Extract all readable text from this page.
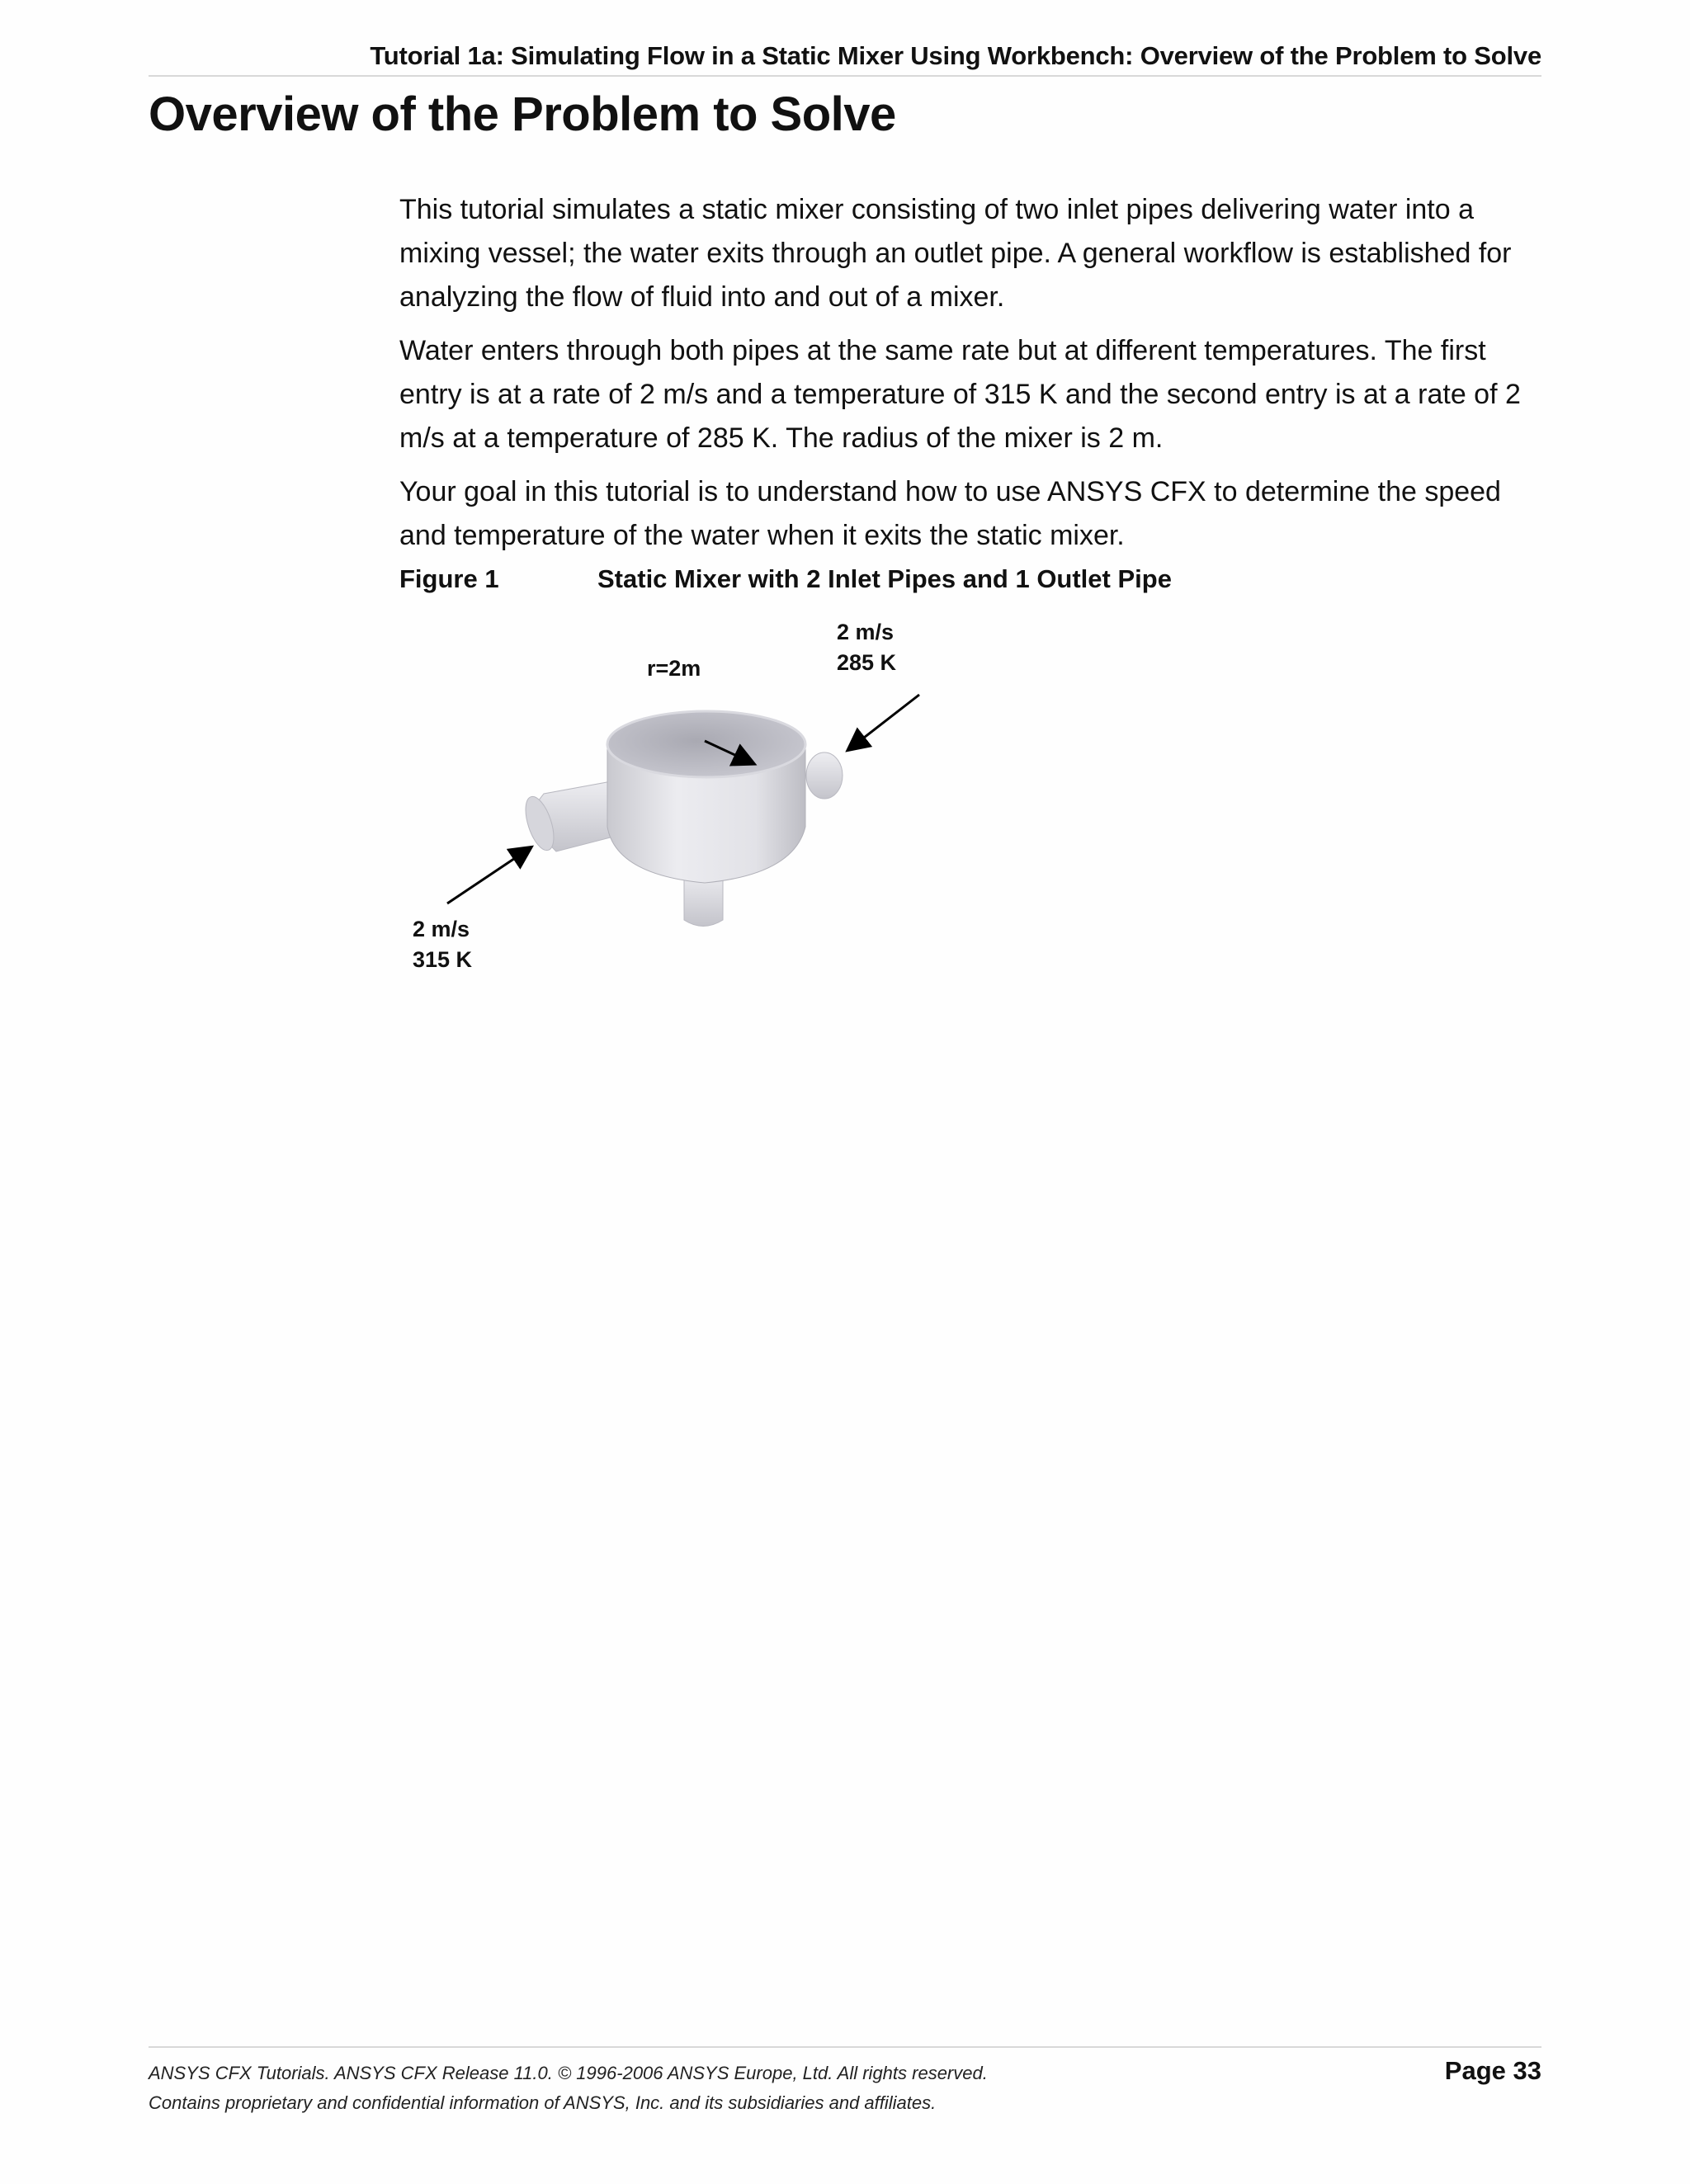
Tutorial 1a: Simulating Flow in a Static Mixer Using Workbench: Overview of the Problem to Solve
Overview of the Problem to Solve

This tutorial simulates a static mixer consisting of two inlet pipes delivering water into a mixing vessel; the water exits through an outlet pipe. A general workflow is established for analyzing the flow of fluid into and out of a mixer.

Water enters through both pipes at the same rate but at different temperatures. The first entry is at a rate of 2 m/s and a temperature of 315 K and the second entry is at a rate of 2 m/s at a temperature of 285 K. The radius of the mixer is 2 m.

Your goal in this tutorial is to understand how to use ANSYS CFX to determine the speed and temperature of the water when it exits the static mixer.

Figure 1	Static Mixer with 2 Inlet Pipes and 1 Outlet Pipe
r=2m
2 m/s
285 K
2 m/s
315 K
ANSYS CFX Tutorials. ANSYS CFX Release 11.0. © 1996-2006 ANSYS Europe, Ltd. All rights reserved.
Contains proprietary and confidential information of ANSYS, Inc. and its subsidiaries and affiliates.
Page 33
